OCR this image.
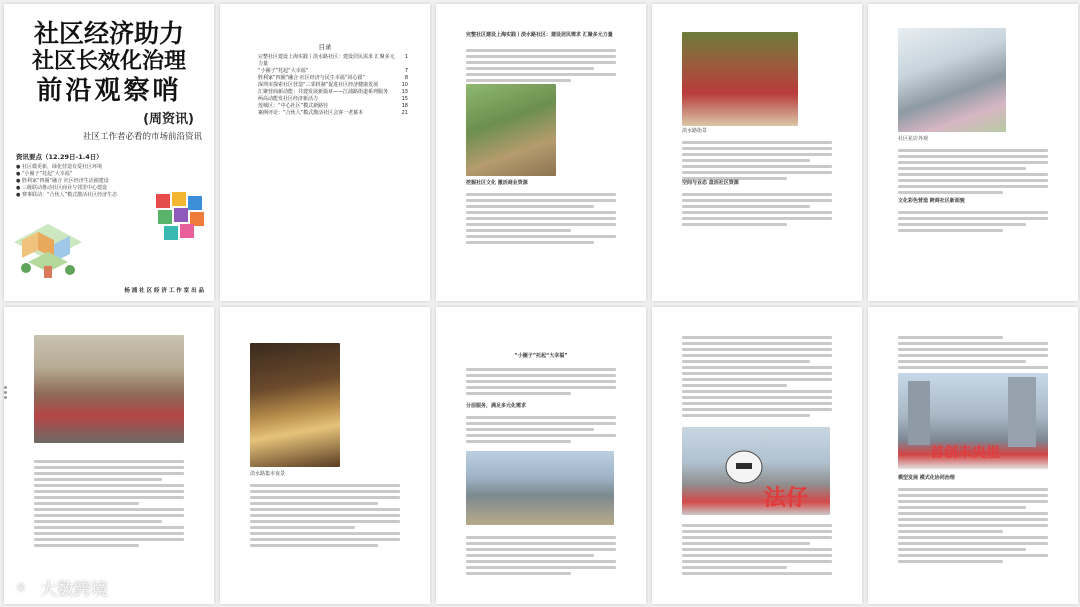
社区经济助力
社区长效化治理
前沿观察哨
(周资讯)
社区工作者必看的市场前沿资讯
资讯要点（12.29日-1.4日）
● 社区微更新，绿化营造有爱社区环境
● “小圈子”托起“大幸福”
● 胜利家“四圈”融合 社区经济生活圈建设
● 三级联动推动社区商业与邻里中心建设
● 赛事联动：“合伙人”模式激活社区经济生态
杨 浦 社 区 经 济 工 作 室 出 品
目录
完整社区建设上海实践丨淡水路社区：建设居民需求 汇聚多元力量
1
“小圈子”托起“大幸福”	7
胜利家“四圈”融合 社区经济与民生幸福“同心圆”	8
深圳市探索社区营造“三邻机制”促进社区经济健康发展	10
汇聚营商新动能：共建发展新篇章——江浦路街道系列服务	13
两高动能发社区经济新活力	15
莲城区：“中心社区”模式新路径	18
案例评论：“合伙人”模式激活社区会客一老幕本	21
完整社区建设上海实践丨淡水路社区：建设居民需求 汇聚多元力量
挖掘社区文化 激活商业资源
淡水路街景
空间与业态 盘活社区资源
社区花店外观
文化彩色营造 跨商社区新面貌
淡水路集市夜景
“小圈子”托起“大幸福”
分层服务，满足多元化需求
法仔
首创未央里
模型发展 模式化协同治理
◎ 大数跨境
